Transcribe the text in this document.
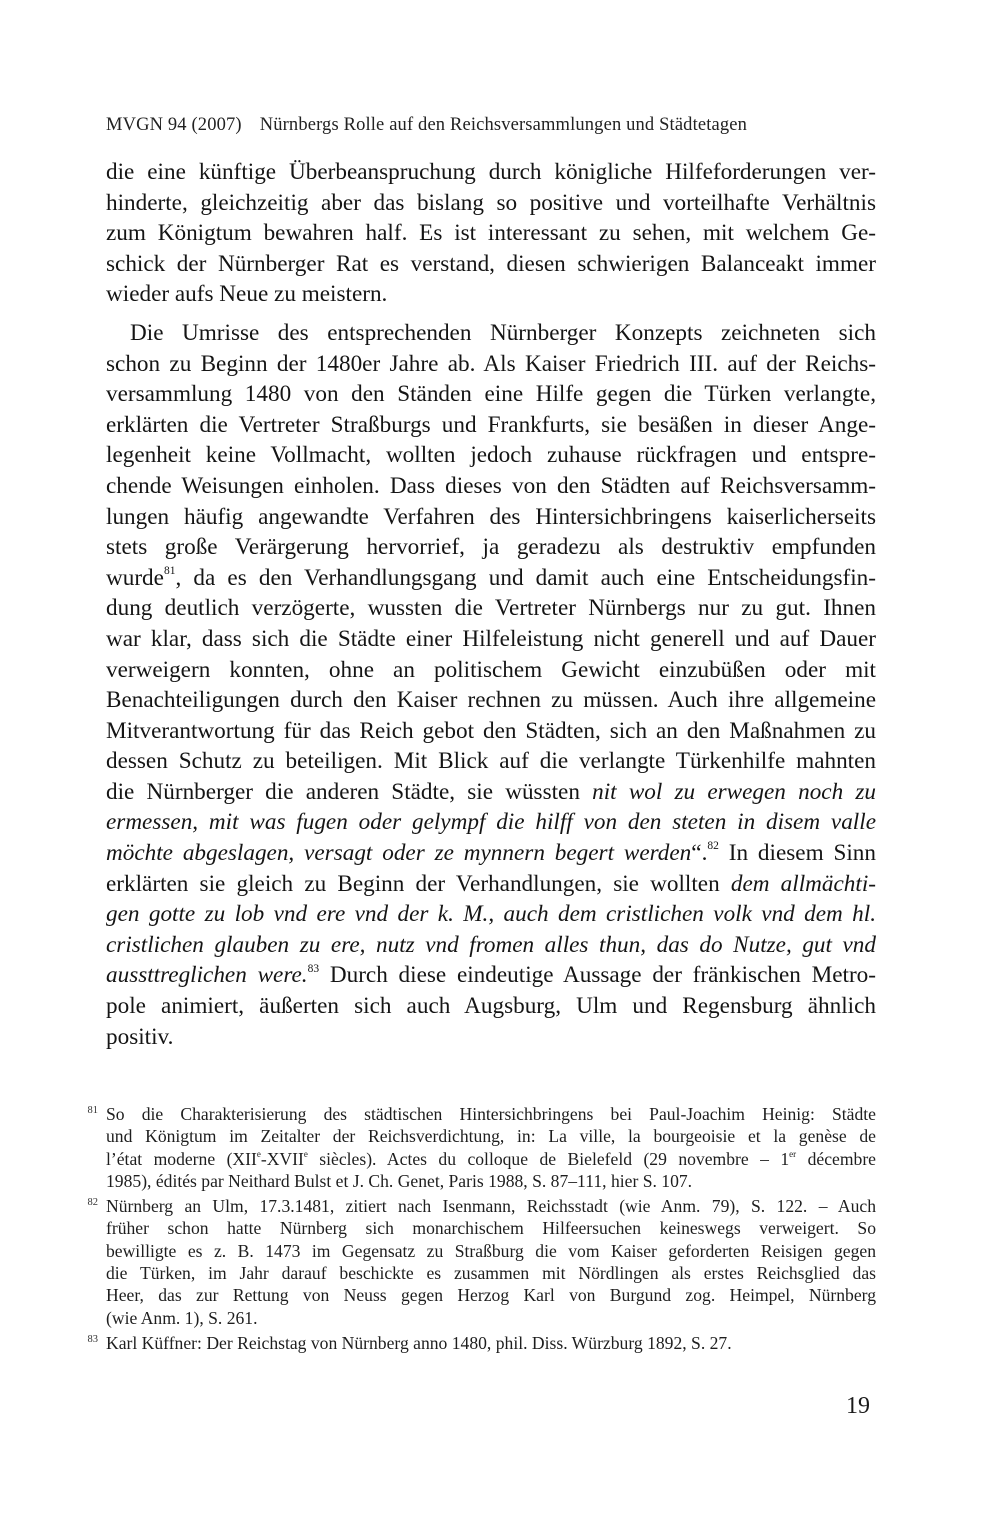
MVGN 94 (2007) Nürnbergs Rolle auf den Reichsversammlungen und Städtetagen
die eine künftige Überbeanspruchung durch königliche Hilfeforderungen ver-
hinderte, gleichzeitig aber das bislang so positive und vorteilhafte Verhältnis
zum Königtum bewahren half. Es ist interessant zu sehen, mit welchem Ge-
schick der Nürnberger Rat es verstand, diesen schwierigen Balanceakt immer
wieder aufs Neue zu meistern.
Die Umrisse des entsprechenden Nürnberger Konzepts zeichneten sich
schon zu Beginn der 1480er Jahre ab. Als Kaiser Friedrich III. auf der Reichs-
versammlung 1480 von den Ständen eine Hilfe gegen die Türken verlangte,
erklärten die Vertreter Straßburgs und Frankfurts, sie besäßen in dieser Ange-
legenheit keine Vollmacht, wollten jedoch zuhause rückfragen und entspre-
chende Weisungen einholen. Dass dieses von den Städten auf Reichsversamm-
lungen häufig angewandte Verfahren des Hintersichbringens kaiserlicherseits
stets große Verärgerung hervorrief, ja geradezu als destruktiv empfunden
wurde$^{81}$, da es den Verhandlungsgang und damit auch eine Entscheidungsfin-
dung deutlich verzögerte, wussten die Vertreter Nürnbergs nur zu gut. Ihnen
war klar, dass sich die Städte einer Hilfeleistung nicht generell und auf Dauer
verweigern konnten, ohne an politischem Gewicht einzubüßen oder mit
Benachteiligungen durch den Kaiser rechnen zu müssen. Auch ihre allgemeine
Mitverantwortung für das Reich gebot den Städten, sich an den Maßnahmen zu
dessen Schutz zu beteiligen. Mit Blick auf die verlangte Türkenhilfe mahnten
die Nürnberger die anderen Städte, sie wüssten nit wol zu erwegen noch zu
ermessen, mit was fugen oder gelympf die hilff von den steten in disem valle
möchte abgeslagen, versagt oder ze mynnern begert werden“.$^{82}$ In diesem Sinn
erklärten sie gleich zu Beginn der Verhandlungen, sie wollten dem allmächti-
gen gotte zu lob vnd ere vnd der k. M., auch dem cristlichen volk vnd dem hl.
cristlichen glauben zu ere, nutz vnd fromen alles thun, das do Nutze, gut vnd
aussttreglichen were.$^{83}$ Durch diese eindeutige Aussage der fränkischen Metro-
pole animiert, äußerten sich auch Augsburg, Ulm und Regensburg ähnlich
positiv.
81 So die Charakterisierung des städtischen Hintersichbringens bei Paul-Joachim Heinig: Städte
und Königtum im Zeitalter der Reichsverdichtung, in: La ville, la bourgeoisie et la genèse de
l’état moderne (XIIe-XVIIe siècles). Actes du colloque de Bielefeld (29 novembre – 1er décembre
1985), édités par Neithard Bulst et J. Ch. Genet, Paris 1988, S. 87–111, hier S. 107.
82 Nürnberg an Ulm, 17.3.1481, zitiert nach Isenmann, Reichsstadt (wie Anm. 79), S. 122. – Auch
früher schon hatte Nürnberg sich monarchischem Hilfeersuchen keineswegs verweigert. So
bewilligte es z. B. 1473 im Gegensatz zu Straßburg die vom Kaiser geforderten Reisigen gegen
die Türken, im Jahr darauf beschickte es zusammen mit Nördlingen als erstes Reichsglied das
Heer, das zur Rettung von Neuss gegen Herzog Karl von Burgund zog. Heimpel, Nürnberg
(wie Anm. 1), S. 261.
83 Karl Küffner: Der Reichstag von Nürnberg anno 1480, phil. Diss. Würzburg 1892, S. 27.
19
